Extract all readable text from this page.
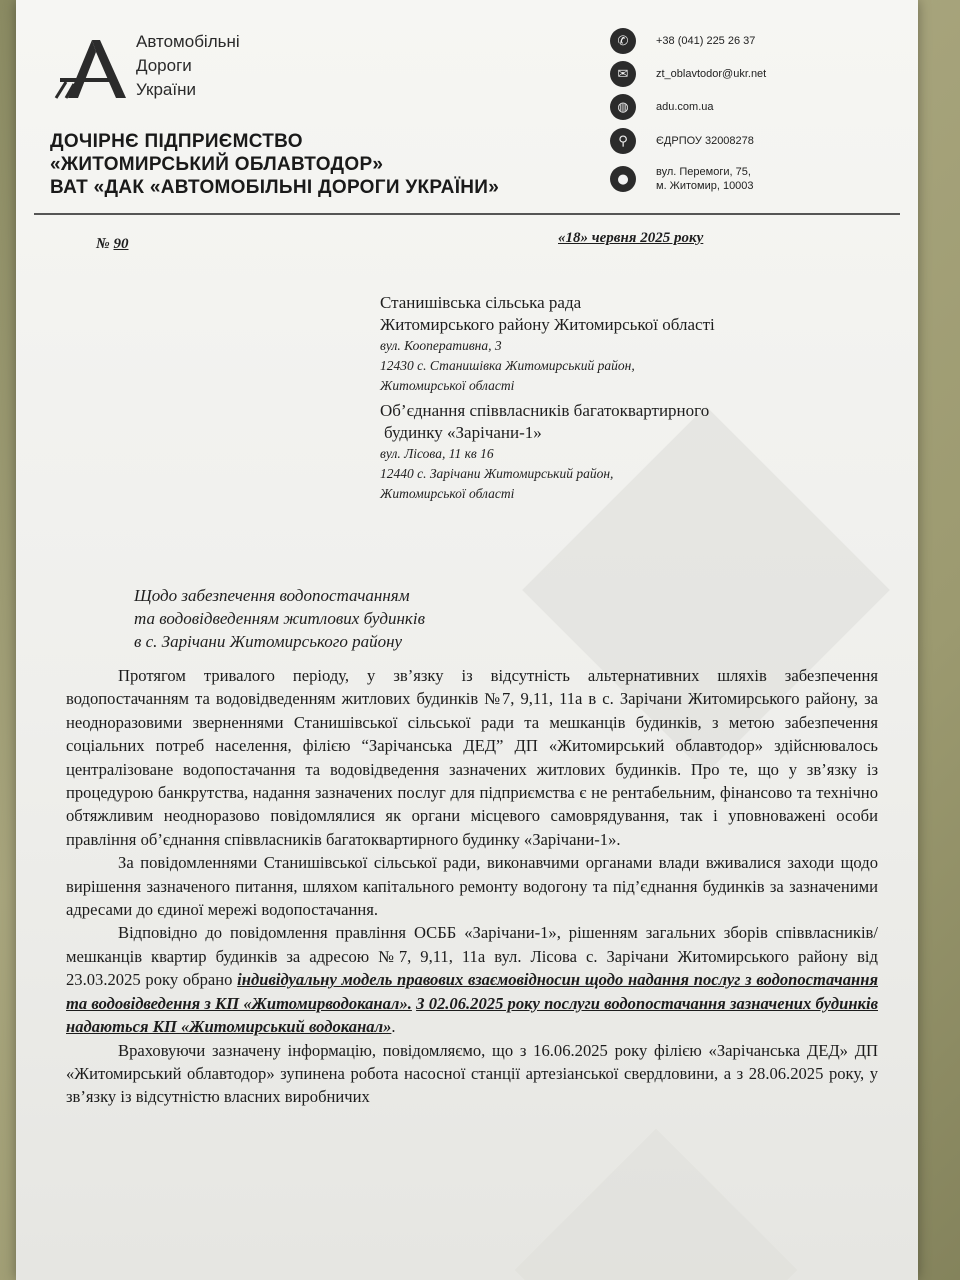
Автомобільні
Дороги
України
ДОЧІРНЄ ПІДПРИЄМСТВО
«ЖИТОМИРСЬКИЙ ОБЛАВТОДОР»
ВАТ «ДАК «АВТОМОБІЛЬНІ ДОРОГИ УКРАЇНИ»
✆	+38 (041) 225 26 37
✉	zt_oblavtodor@ukr.net
◍	adu.com.ua
⚲	ЄДРПОУ 32008278
●	вул. Перемоги, 75,
м. Житомир, 10003
№ 90	«18» червня 2025 року
Станишівська сільська рада
Житомирського району Житомирської області
вул. Кооперативна, 3
12430 с. Станишівка Житомирський район,
Житомирської області
Об’єднання співвласників багатоквартирного
будинку «Зарічани-1»
вул. Лісова, 11 кв 16
12440 с. Зарічани Житомирський район,
Житомирської області
Щодо забезпечення водопостачанням
та водовідведенням житлових будинків
в с. Зарічани Житомирського району

Протягом тривалого періоду, у зв’язку із відсутність альтернативних шляхів забезпечення водопостачанням та водовідведенням житлових будинків №7, 9,11, 11а в с. Зарічани Житомирського району, за неодноразовими зверненнями Станишівської сільської ради та мешканців будинків, з метою забезпечення соціальних потреб населення, філією “Зарічанська ДЕД” ДП «Житомирський облавтодор» здійснювалось централізоване водопостачання та водовідведення зазначених житлових будинків. Про те, що у зв’язку із процедурою банкрутства, надання зазначених послуг для підприємства є не рентабельним, фінансово та технічно обтяжливим неодноразово повідомлялися як органи місцевого самоврядування, так і уповноважені особи правління об’єднання співвласників багатоквартирного будинку «Зарічани-1».

За повідомленнями Станишівської сільської ради, виконавчими органами влади вживалися заходи щодо вирішення зазначеного питання, шляхом капітального ремонту водогону та під’єднання будинків за зазначеними адресами до єдиної мережі водопостачання.

Відповідно до повідомлення правління ОСББ «Зарічани-1», рішенням загальних зборів співвласників/мешканців квартир будинків за адресою №7, 9,11, 11а вул. Лісова с. Зарічани Житомирського району від 23.03.2025 року обрано індивідуальну модель правових взаємовідносин щодо надання послуг з водопостачання та водовідведення з КП «Житомирводоканал». З 02.06.2025 року послуги водопостачання зазначених будинків надаються КП «Житомирський водоканал».

Враховуючи зазначену інформацію, повідомляємо, що з 16.06.2025 року філією «Зарічанська ДЕД» ДП «Житомирський облавтодор» зупинена робота насосної станції артезіанської свердловини, а з 28.06.2025 року, у зв’язку із відсутністю власних виробничих
